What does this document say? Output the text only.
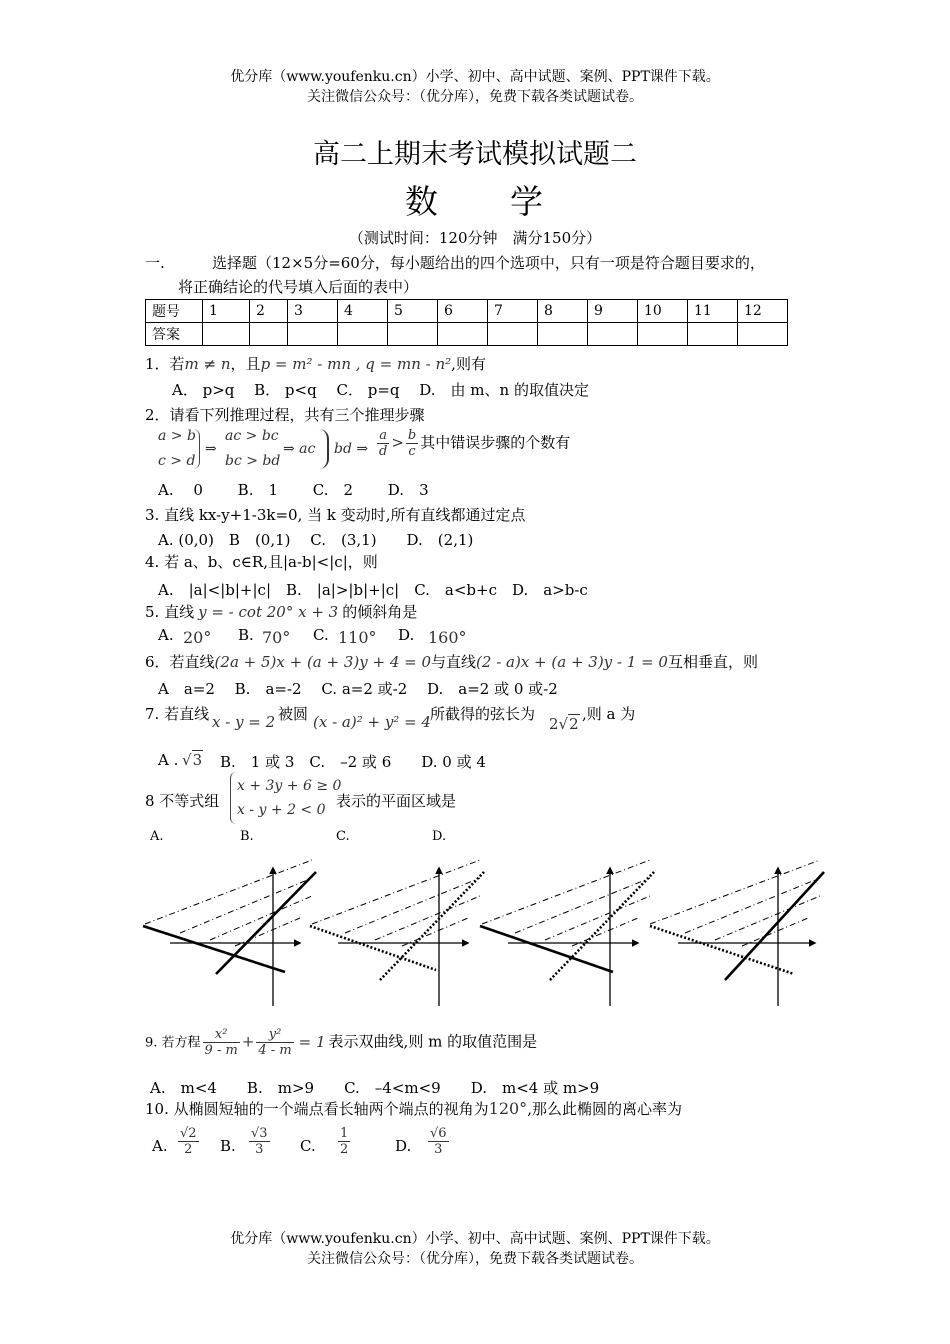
优分库（www.youfenku.cn）小学、初中、高中试题、案例、PPT课件下载。
关注微信公众号：（优分库），免费下载各类试题试卷。
高二上期末考试模拟试题二
数 学
（测试时间：120分钟　满分150分）
一.	选择题（12×5分=60分，每小题给出的四个选项中，只有一项是符合题目要求的，
将正确结论的代号填入后面的表中）
题号	1	2	3	4	5	6	7	8	9	10	11	12
答案												
1．若m ≠ n，且p = m² - mn , q = mn - n²,则有
A． p>q　 B． p<q　 C． p=q　 D.　由 m、n 的取值决定
2．请看下列推理过程，共有三个推理步骤
a > b
c > d
⇒
ac > bc
bc > bd
⇒ ac bd ⇒ $\frac{a}{d} > \frac{b}{c}$ 其中错误步骤的个数有
A.　 0　　 B.　1　　 C.　2　　 D.　3
3. 直线 kx-y+1-3k=0, 当 k 变动时,所有直线都通过定点
A. (0,0)　B　(0,1)　 C.　(3,1)　　D.　(2,1)
4. 若 a、b、c∈R,且|a-b|<|c|，则
A.　|a|<|b|+|c|　B.　|a|>|b|+|c|　C.　a<b+c　D.　a>b-c
5. 直线 y = - cot 20° x + 3 的倾斜角是
A. 20° B. 70° C. 110° D. 160°
6．若直线(2a + 5)x + (a + 3)y + 4 = 0与直线(2 - a)x + (a + 3)y - 1 = 0互相垂直，则
A　a=2　 B.　a=-2　 C. a=2 或-2　 D.　a=2 或 0 或-2
7. 若直线 x - y = 2 被圆 (x - a)² + y² = 4 所截得的弦长为
2√2
,则 a 为
A . √3 B.　1 或 3　C.　–2 或 6　　D. 0 或 4
8 不等式组
x + 3y + 6 ≥ 0
x - y + 2 < 0 表示的平面区域是
A.	B.	C.	D.
9. 若方程 $\frac{\text{x²}}{9 - m} + \frac{\text{y²}}{4 - m} = 1$ 表示双曲线,则 m 的取值范围是
A.　m<4　　B.　m>9　　C.　–4<m<9　　D.　m<4 或 m>9
10. 从椭圆短轴的一个端点看长轴两个端点的视角为120°,那么此椭圆的离心率为
A. $\frac{√2}{2} B$. $\frac{√3}{3} C$. $\frac{1}{2}$	D. $\frac{√6}{3}$
优分库（www.youfenku.cn）小学、初中、高中试题、案例、PPT课件下载。
关注微信公众号：（优分库），免费下载各类试题试卷。
